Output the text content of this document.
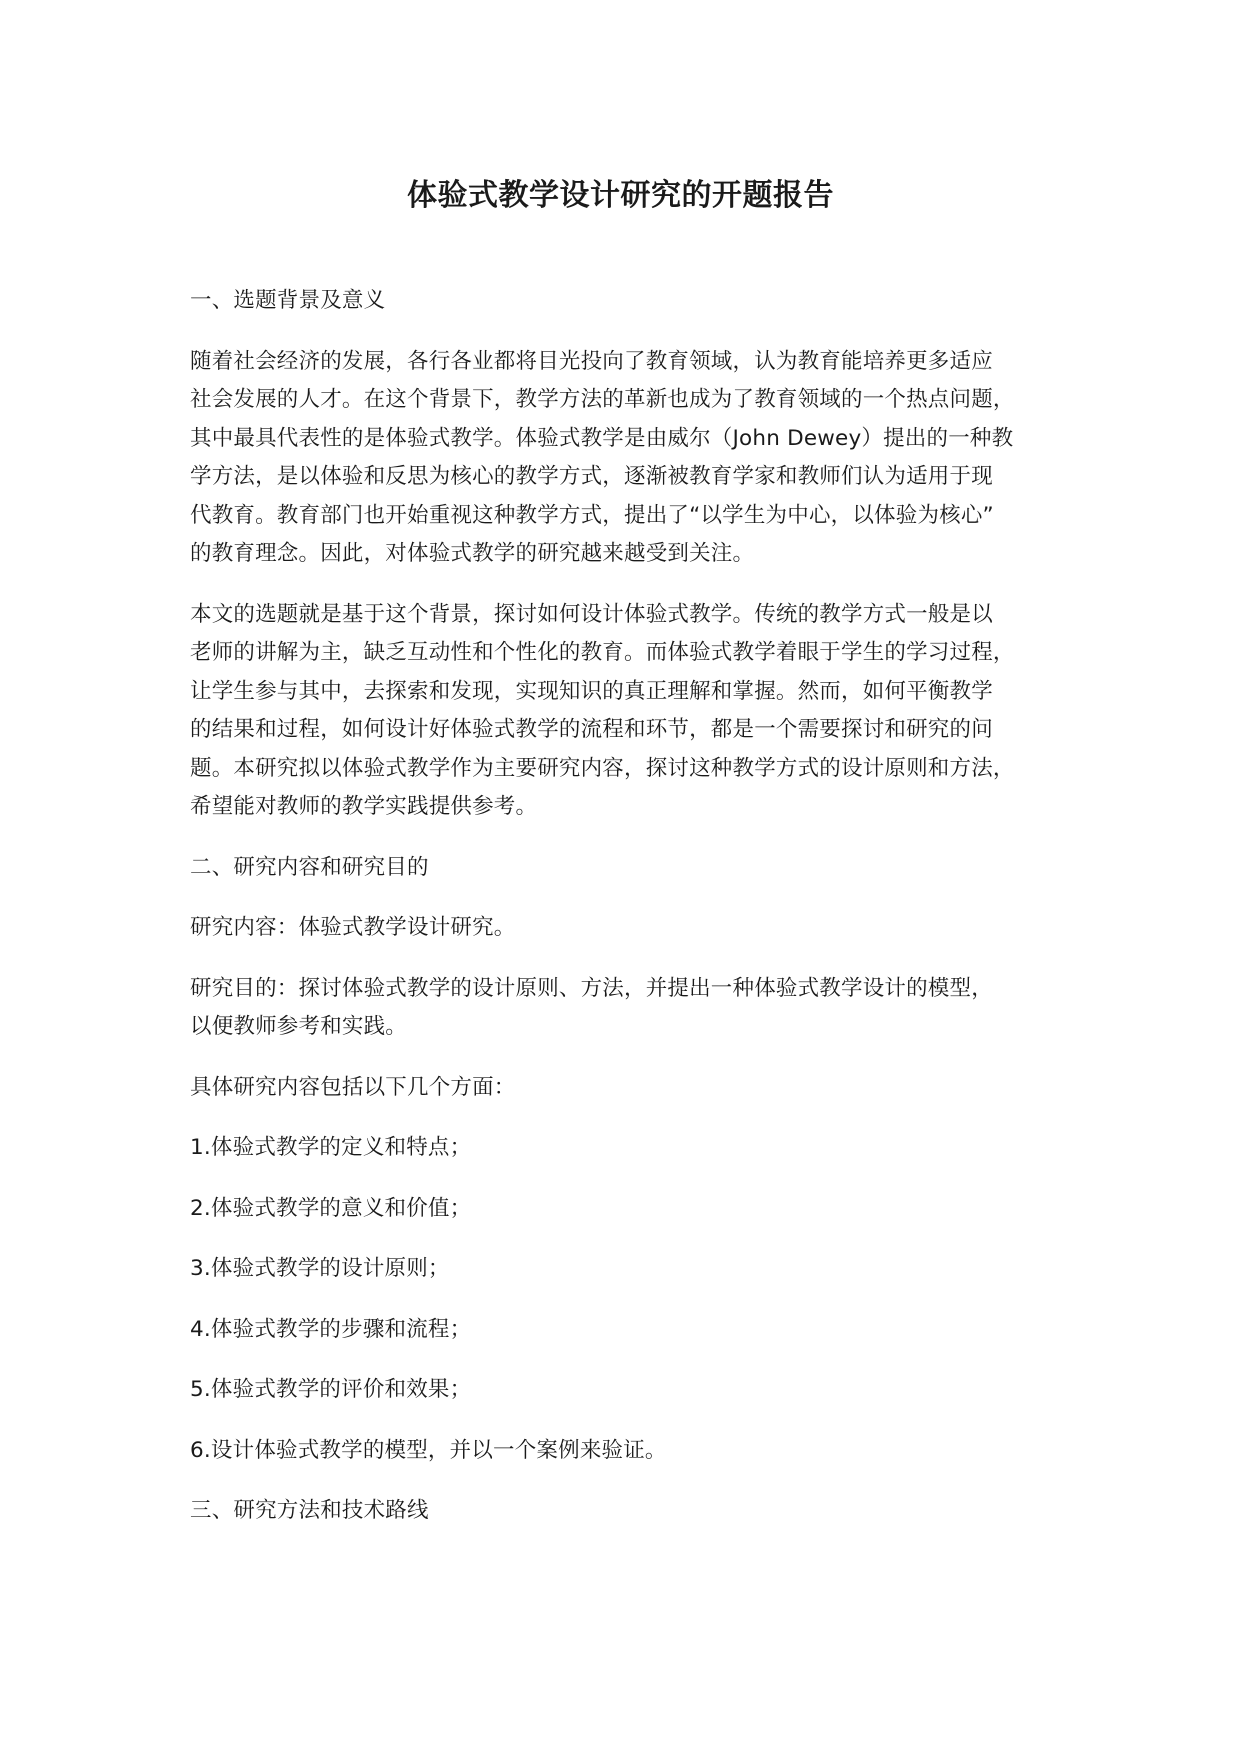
体验式教学设计研究的开题报告
一、选题背景及意义
随着社会经济的发展，各行各业都将目光投向了教育领域，认为教育能培养更多适应
社会发展的人才。在这个背景下，教学方法的革新也成为了教育领域的一个热点问题，
其中最具代表性的是体验式教学。体验式教学是由威尔（John Dewey）提出的一种教
学方法，是以体验和反思为核心的教学方式，逐渐被教育学家和教师们认为适用于现
代教育。教育部门也开始重视这种教学方式，提出了“以学生为中心，以体验为核心”
的教育理念。因此，对体验式教学的研究越来越受到关注。
本文的选题就是基于这个背景，探讨如何设计体验式教学。传统的教学方式一般是以
老师的讲解为主，缺乏互动性和个性化的教育。而体验式教学着眼于学生的学习过程，
让学生参与其中，去探索和发现，实现知识的真正理解和掌握。然而，如何平衡教学
的结果和过程，如何设计好体验式教学的流程和环节，都是一个需要探讨和研究的问
题。本研究拟以体验式教学作为主要研究内容，探讨这种教学方式的设计原则和方法，
希望能对教师的教学实践提供参考。
二、研究内容和研究目的
研究内容：体验式教学设计研究。
研究目的：探讨体验式教学的设计原则、方法，并提出一种体验式教学设计的模型，
以便教师参考和实践。
具体研究内容包括以下几个方面：
1.体验式教学的定义和特点；
2.体验式教学的意义和价值；
3.体验式教学的设计原则；
4.体验式教学的步骤和流程；
5.体验式教学的评价和效果；
6.设计体验式教学的模型，并以一个案例来验证。
三、研究方法和技术路线
